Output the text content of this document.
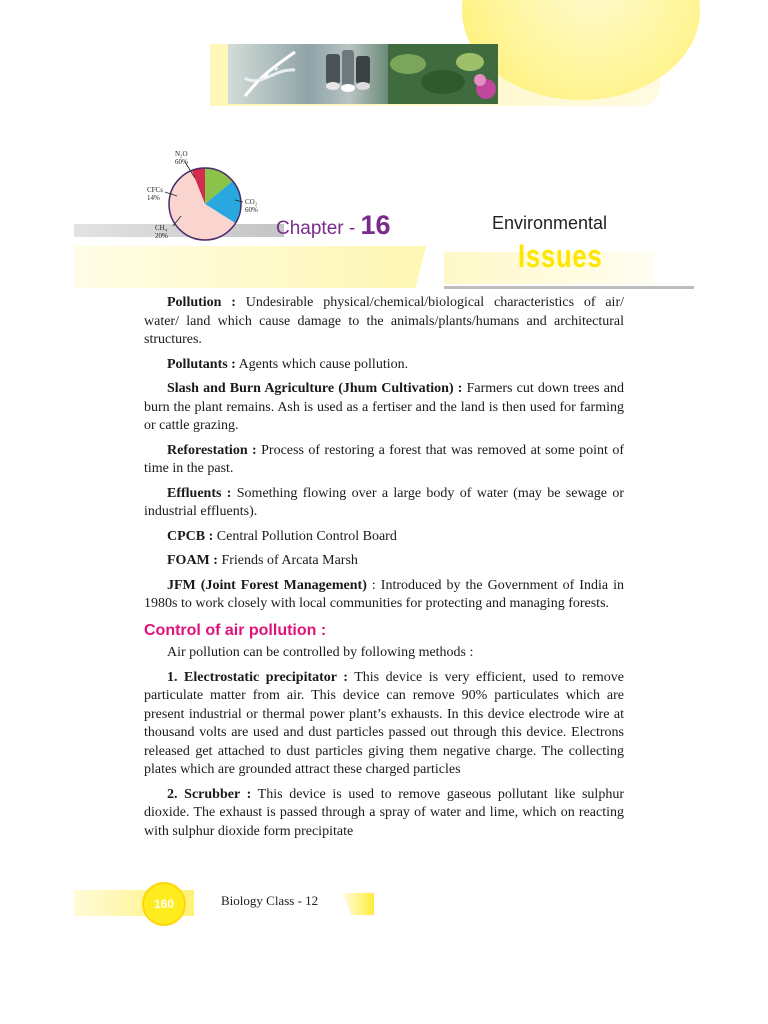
N₂O
60%
CFCs
14%
CH₄
20%
CO₂
60%
Chapter - 16	Environmental
Issues

Pollution : Undesirable physical/chemical/biological characteristics of air/ water/ land which cause damage to the animals/plants/humans and architectural structures.

Pollutants : Agents which cause pollution.

Slash and Burn Agriculture (Jhum Cultivation) : Farmers cut down trees and burn the plant remains. Ash is used as a fertiser and the land is then used for farming or cattle grazing.

Reforestation : Process of restoring a forest that was removed at some point of time in the past.

Effluents : Something flowing over a large body of water (may be sewage or industrial effluents).

CPCB : Central Pollution Control Board

FOAM : Friends of Arcata Marsh

JFM (Joint Forest Management) : Introduced by the Government of India in 1980s to work closely with local communities for protecting and managing forests.

Control of air pollution :

Air pollution can be controlled by following methods :

1. Electrostatic precipitator : This device is very efficient, used to remove particulate matter from air. This device can remove 90% particulates which are present industrial or thermal power plant’s exhausts. In this device electrode wire at thousand volts are used and dust particles passed out through this device. Electrons released get attached to dust particles giving them negative charge. The collecting plates which are grounded attract these charged particles

2. Scrubber : This device is used to remove gaseous pollutant like sulphur dioxide. The exhaust is passed through a spray of water and lime, which on reacting with sulphur dioxide form precipitate

160	Biology Class - 12
